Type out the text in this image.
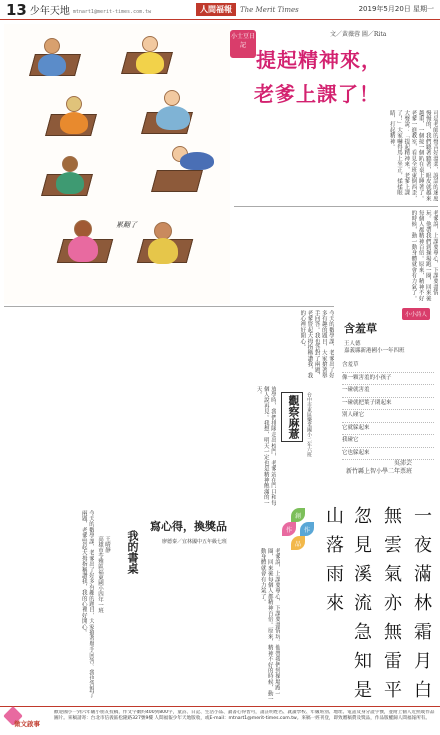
13 少年天地 mtnart1@merit-times.com.tw	人間福報	The Merit Times	2019年5月20日 星期一
累翻了
小士豆日記
文／黃薇蓉 圖／Rita
提起精神來，
老爹上課了！
可是老師的聲音好溫柔，說話的速度慢慢的，我們聽著聽著，眼皮就越來越重，一個接一個趴在桌上睡著了。老爹一進教室，看見全班東倒西歪，大聲說：「提起精神來，老爹上課了！」大家嚇得馬上坐正，揉揉眼睛，打起精神。
老爹說，上課要專心，下課要盡情玩。他帶我們到操場跑一圈，回來後每個人都精神百倍。原來，精神不好的時候，動一動身體就會有力氣了。
今天的數學課，老爹出了好多有趣的題目，大家搶著舉手回答。我也答對了兩題，老爹豎起大拇指稱讚我，我的心裡好開心。
放學時，我們排隊走出校門，老爹站在門口和每個人說再見。我想，明天一定也是精神飽滿的一天。
小小詩人
含羞草
王人德
嘉義縣新港國小一年四班
含羞草
像一顆害羞的小孩子
一碰就害羞
一碰就把葉子閉起來
別人碰它
它就躲起來
我碰它
它也躲起來
觀察麻薏	台中市東區樂業國小二年六班
吳沛芸
新竹縣上智小學二年票班
一
夜
滿
林
霜
月
白
無
雲
氣
亦
無
雷
平
忽
見
溪
流
急
知
是
山
落
雨
來
創
作	作
品
寫心得，換獎品
廖德秦／宜林國中五年級七班
老爹說，上課要專心，下課要盡情玩。他帶我們到操場跑一圈，回來後每個人都精神百倍。原來，精神不好的時候，動一動身體就會有力氣了。
我的書桌
王晴靜
高雄市苓雅區福東國小四年一班
今天的數學課，老爹出了好多有趣的題目，大家搶著舉手回答。我也答對了兩題，老爹豎起大拇指稱讚我，我的心裡好開心。
徵文啟事
歡迎國小一到六年級小朋友投稿，作文字數約400到800字，童詩、日記、生活小品、讀書心得皆可，請註明姓名、就讀學校、年級班別、地址、電話及身分證字號，並附上個人近照或作品圖片。來稿請寄：台北市信義區松隆路327號9樓 人間福報少年天地版收，或E-mail：mtnart1@merit-times.com.tw。來稿一經刊登，即致贈稿費及獎品，作品版權歸人間福報所有。
